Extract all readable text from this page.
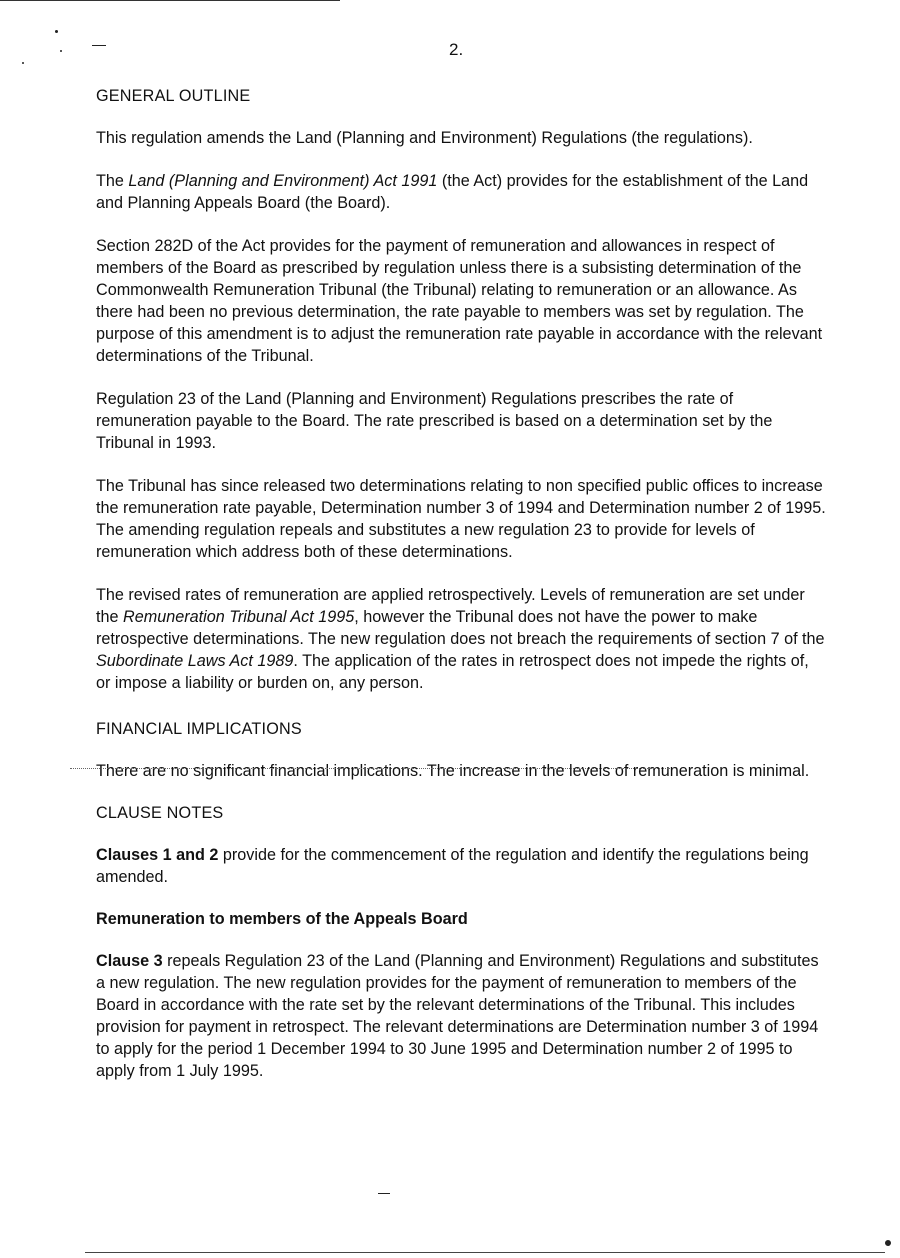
2.
GENERAL OUTLINE

This regulation amends the Land (Planning and Environment) Regulations (the regulations).

The Land (Planning and Environment) Act 1991 (the Act) provides for the establishment of the Land and Planning Appeals Board (the Board).

Section 282D of the Act provides for the payment of remuneration and allowances in respect of members of the Board as prescribed by regulation unless there is a subsisting determination of the Commonwealth Remuneration Tribunal (the Tribunal) relating to remuneration or an allowance. As there had been no previous determination, the rate payable to members was set by regulation. The purpose of this amendment is to adjust the remuneration rate payable in accordance with the relevant determinations of the Tribunal.

Regulation 23 of the Land (Planning and Environment) Regulations prescribes the rate of remuneration payable to the Board. The rate prescribed is based on a determination set by the Tribunal in 1993.

The Tribunal has since released two determinations relating to non specified public offices to increase the remuneration rate payable, Determination number 3 of 1994 and Determination number 2 of 1995. The amending regulation repeals and substitutes a new regulation 23 to provide for levels of remuneration which address both of these determinations.

The revised rates of remuneration are applied retrospectively. Levels of remuneration are set under the Remuneration Tribunal Act 1995, however the Tribunal does not have the power to make retrospective determinations. The new regulation does not breach the requirements of section 7 of the Subordinate Laws Act 1989. The application of the rates in retrospect does not impede the rights of, or impose a liability or burden on, any person.

FINANCIAL IMPLICATIONS

There are no significant financial implications. The increase in the levels of remuneration is minimal.

CLAUSE NOTES

Clauses 1 and 2 provide for the commencement of the regulation and identify the regulations being amended.

Remuneration to members of the Appeals Board

Clause 3 repeals Regulation 23 of the Land (Planning and Environment) Regulations and substitutes a new regulation. The new regulation provides for the payment of remuneration to members of the Board in accordance with the rate set by the relevant determinations of the Tribunal. This includes provision for payment in retrospect. The relevant determinations are Determination number 3 of 1994 to apply for the period 1 December 1994 to 30 June 1995 and Determination number 2 of 1995 to apply from 1 July 1995.
